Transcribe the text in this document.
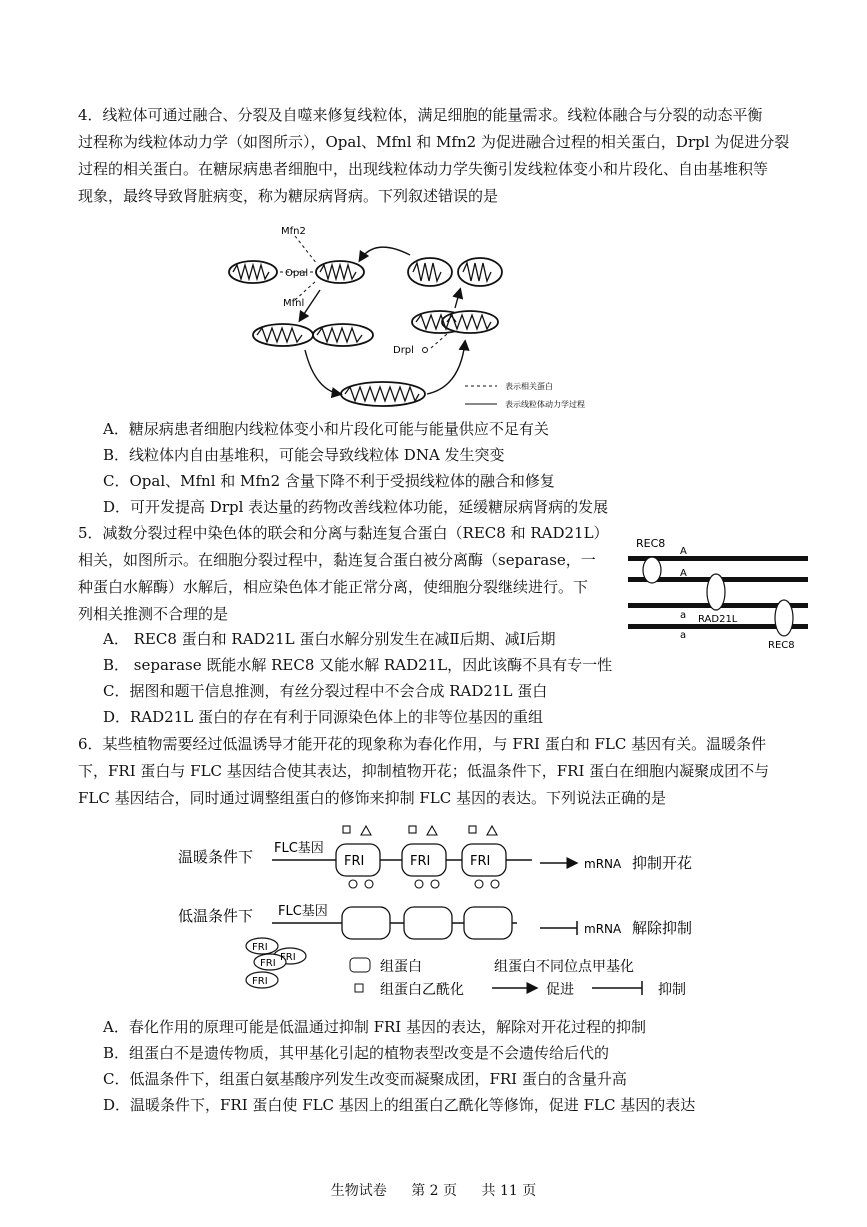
4．线粒体可通过融合、分裂及自噬来修复线粒体，满足细胞的能量需求。线粒体融合与分裂的动态平衡
过程称为线粒体动力学（如图所示），Opal、Mfnl 和 Mfn2 为促进融合过程的相关蛋白，Drpl 为促进分裂
过程的相关蛋白。在糖尿病患者细胞中，出现线粒体动力学失衡引发线粒体变小和片段化、自由基堆积等
现象，最终导致肾脏病变，称为糖尿病肾病。下列叙述错误的是
Mfn2
Opal
Mfnl
Drpl
表示相关蛋白
表示线粒体动力学过程
A．糖尿病患者细胞内线粒体变小和片段化可能与能量供应不足有关
B．线粒体内自由基堆积，可能会导致线粒体 DNA 发生突变
C．Opal、Mfnl 和 Mfn2 含量下降不利于受损线粒体的融合和修复
D．可开发提高 Drpl 表达量的药物改善线粒体功能，延缓糖尿病肾病的发展
5．减数分裂过程中染色体的联会和分离与黏连复合蛋白（REC8 和 RAD21L）
相关，如图所示。在细胞分裂过程中，黏连复合蛋白被分离酶（separase，一
种蛋白水解酶）水解后，相应染色体才能正常分离，使细胞分裂继续进行。下
列相关推测不合理的是
REC8
A
A
a
a
RAD21L
REC8
A． REC8 蛋白和 RAD21L 蛋白水解分别发生在减Ⅱ后期、减Ⅰ后期
B． separase 既能水解 REC8 又能水解 RAD21L，因此该酶不具有专一性
C．据图和题干信息推测，有丝分裂过程中不会合成 RAD21L 蛋白
D．RAD21L 蛋白的存在有利于同源染色体上的非等位基因的重组
6．某些植物需要经过低温诱导才能开花的现象称为春化作用，与 FRI 蛋白和 FLC 基因有关。温暖条件
下，FRI 蛋白与 FLC 基因结合使其表达，抑制植物开花；低温条件下，FRI 蛋白在细胞内凝聚成团不与
FLC 基因结合，同时通过调整组蛋白的修饰来抑制 FLC 基因的表达。下列说法正确的是
温暖条件下 FLC基因
FRI	FRI	FRI	mRNA 抑制开花
低温条件下 FLC基因
mRNA 解除抑制
FRI
FRI
FRI
FRI
组蛋白	组蛋白不同位点甲基化
组蛋白乙酰化	促进	抑制
A．春化作用的原理可能是低温通过抑制 FRI 基因的表达，解除对开花过程的抑制
B．组蛋白不是遗传物质，其甲基化引起的植物表型改变是不会遗传给后代的
C．低温条件下，组蛋白氨基酸序列发生改变而凝聚成团，FRI 蛋白的含量升高
D．温暖条件下，FRI 蛋白使 FLC 基因上的组蛋白乙酰化等修饰，促进 FLC 基因的表达
生物试卷 第 2 页 共 11 页
